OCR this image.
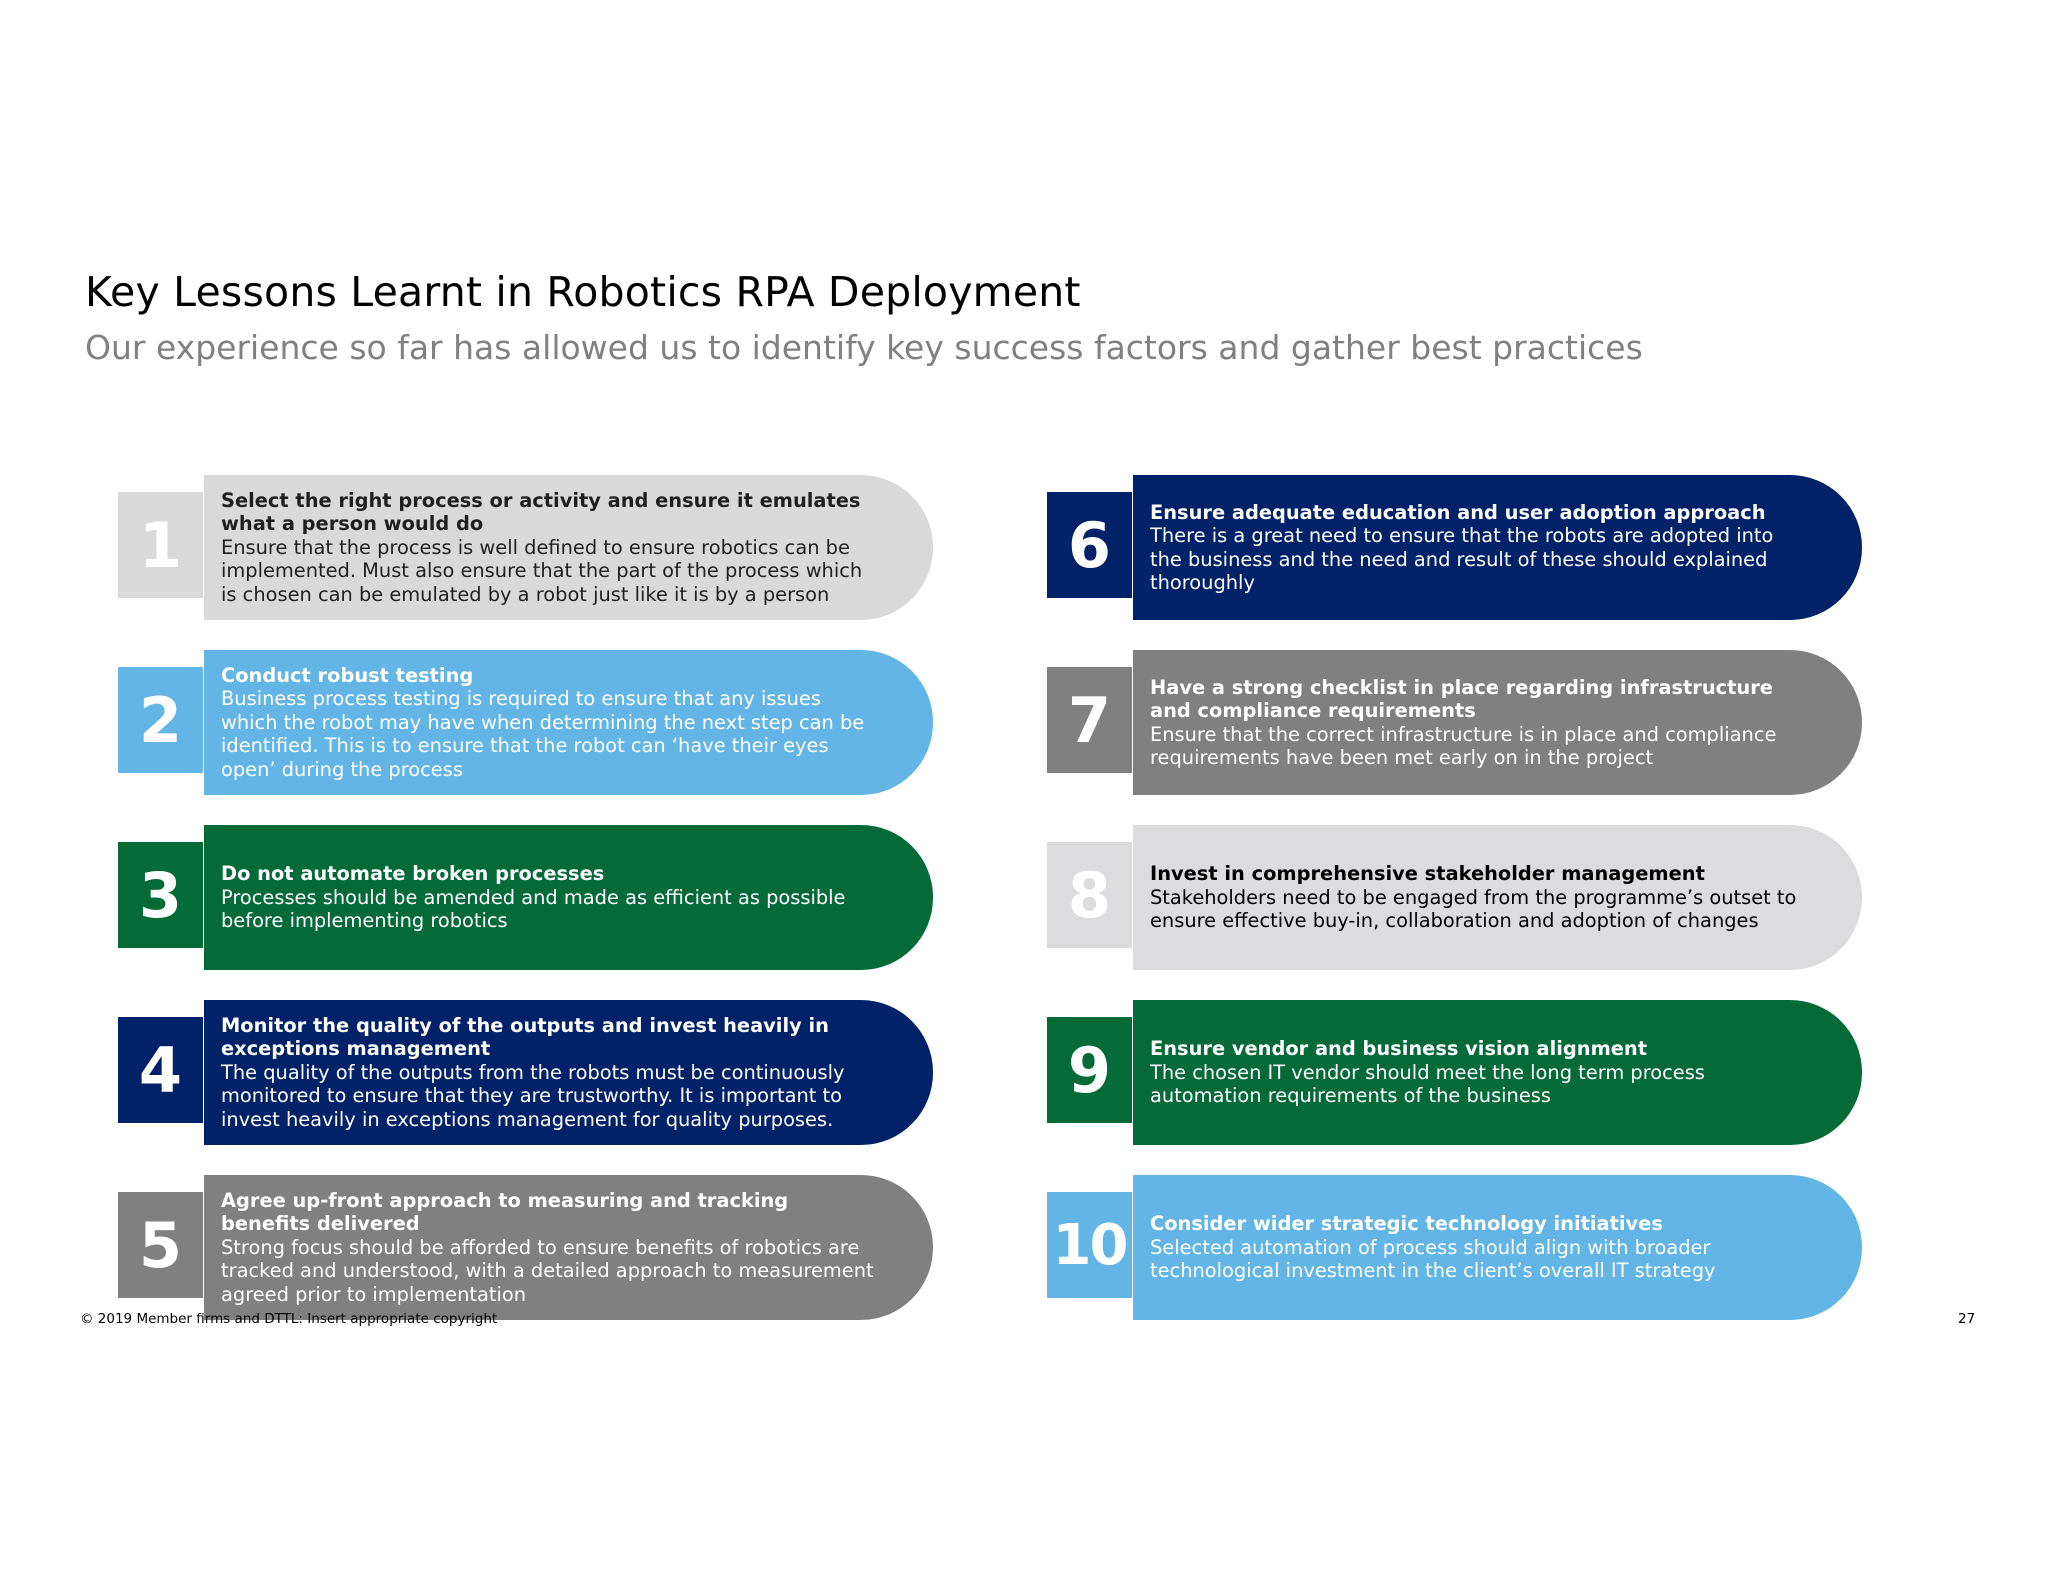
Key Lessons Learnt in Robotics RPA Deployment
Our experience so far has allowed us to identify key success factors and gather best practices
1
Select the right process or activity and ensure it emulates what a person would do
Ensure that the process is well defined to ensure robotics can be implemented. Must also ensure that the part of the process which is chosen can be emulated by a robot just like it is by a person
2
Conduct robust testing
Business process testing is required to ensure that any issues which the robot may have when determining the next step can be identified. This is to ensure that the robot can ‘have their eyes open’ during the process
3	Do not automate broken processes
Processes should be amended and made as efficient as possible before implementing robotics
4
Monitor the quality of the outputs and invest heavily in exceptions management
The quality of the outputs from the robots must be continuously monitored to ensure that they are trustworthy. It is important to invest heavily in exceptions management for quality purposes.
5
Agree up-front approach to measuring and tracking benefits delivered
Strong focus should be afforded to ensure benefits of robotics are tracked and understood, with a detailed approach to measurement agreed prior to implementation
6	Ensure adequate education and user adoption approach
There is a great need to ensure that the robots are adopted into the business and the need and result of these should explained thoroughly
7	Have a strong checklist in place regarding infrastructure and compliance requirements
Ensure that the correct infrastructure is in place and compliance requirements have been met early on in the project
8	Invest in comprehensive stakeholder management
Stakeholders need to be engaged from the programme’s outset to ensure effective buy-in, collaboration and adoption of changes
9	Ensure vendor and business vision alignment
The chosen IT vendor should meet the long term process automation requirements of the business
10 Consider wider strategic technology initiatives
Selected automation of process should align with broader technological investment in the client’s overall IT strategy
© 2019 Member firms and DTTL: Insert appropriate copyright	27
